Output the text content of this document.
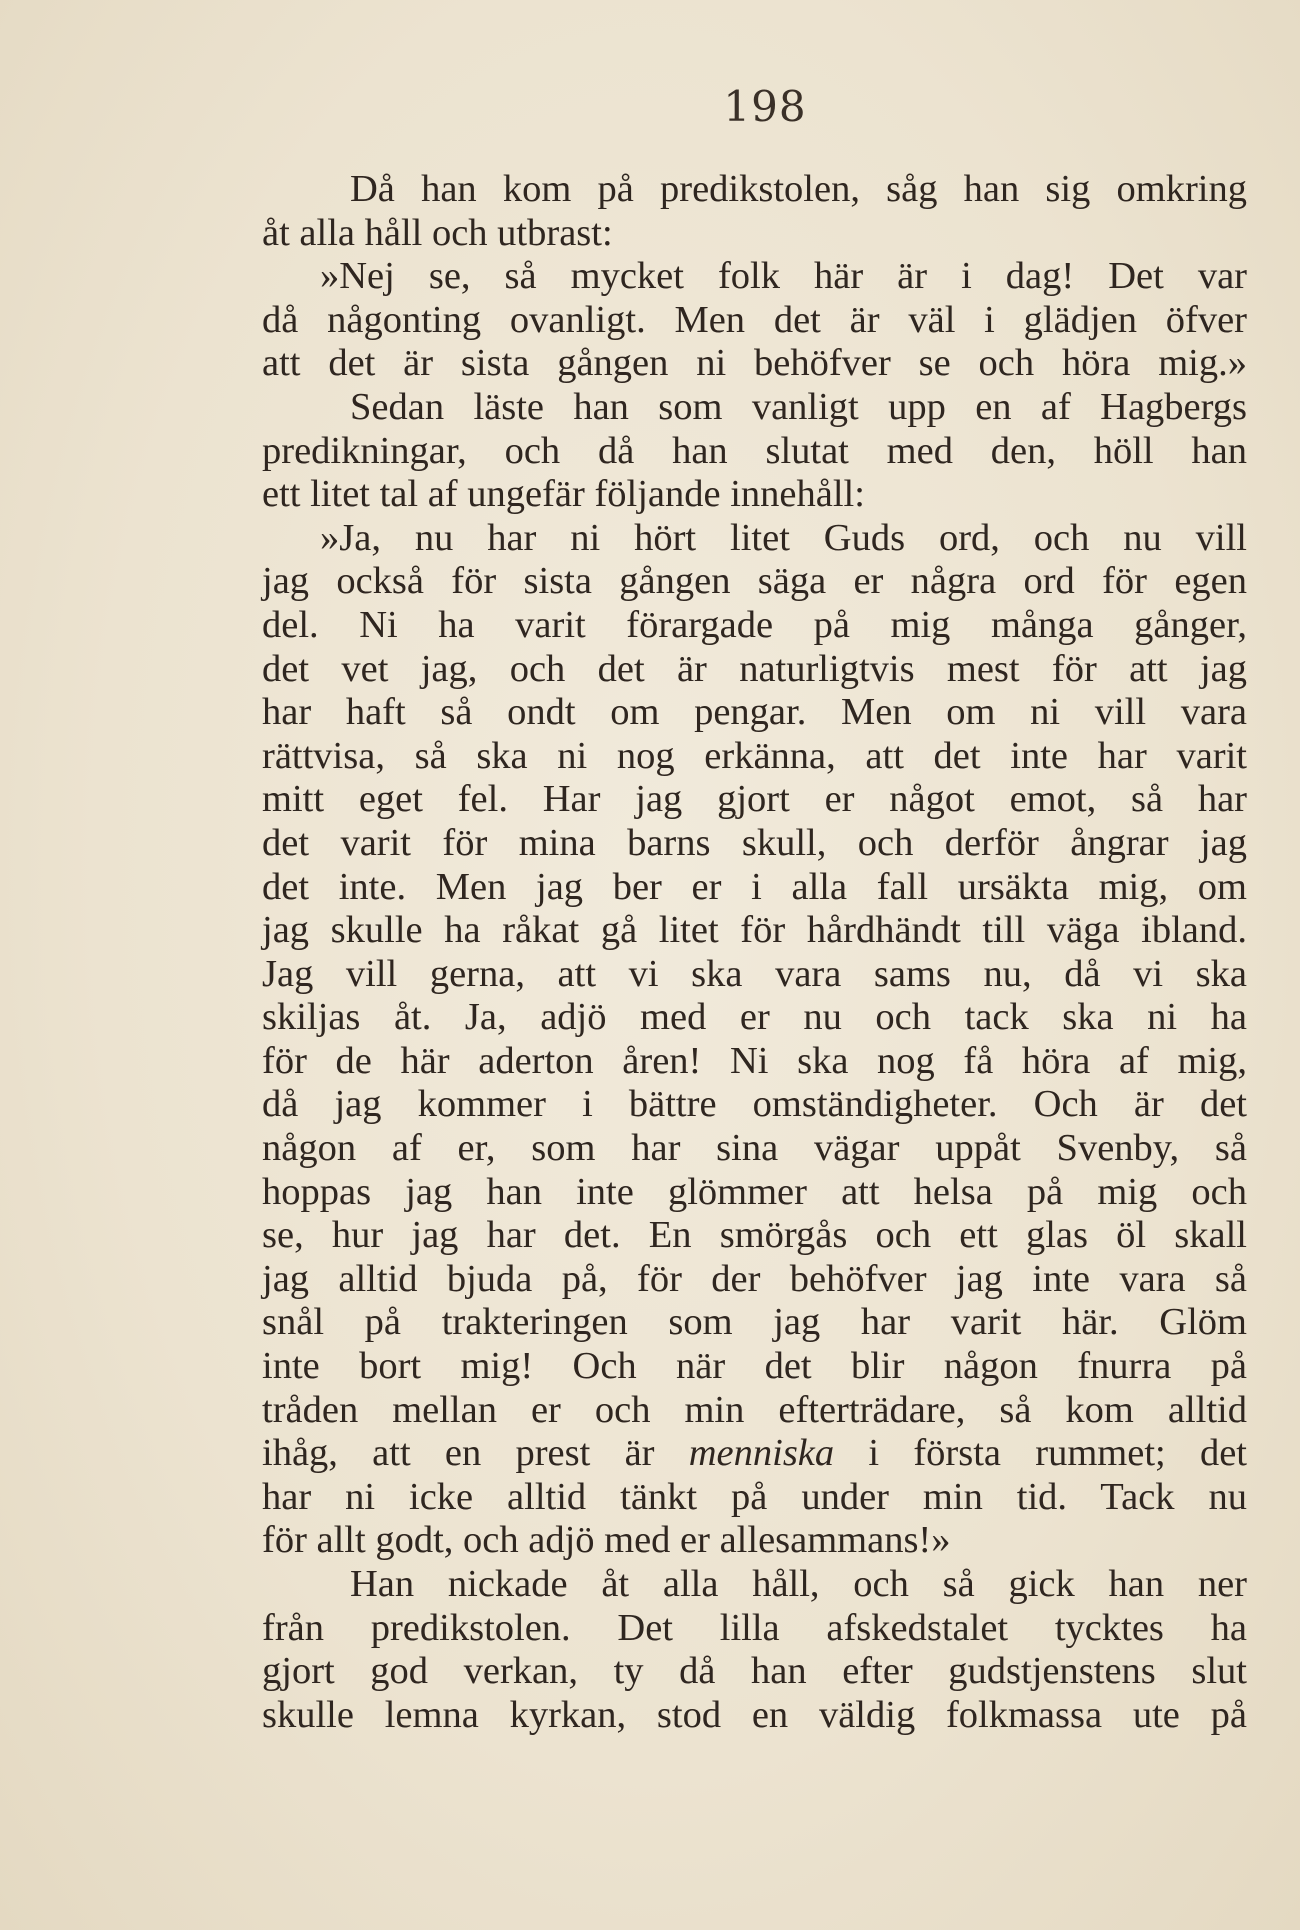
198
Då han kom på predikstolen, såg han sig omkring
åt alla håll och utbrast:
»Nej se, så mycket folk här är i dag! Det var
då någonting ovanligt. Men det är väl i glädjen öfver
att det är sista gången ni behöfver se och höra mig.»
Sedan läste han som vanligt upp en af Hagbergs
predikningar, och då han slutat med den, höll han
ett litet tal af ungefär följande innehåll:
»Ja, nu har ni hört litet Guds ord, och nu vill
jag också för sista gången säga er några ord för egen
del. Ni ha varit förargade på mig många gånger,
det vet jag, och det är naturligtvis mest för att jag
har haft så ondt om pengar. Men om ni vill vara
rättvisa, så ska ni nog erkänna, att det inte har varit
mitt eget fel. Har jag gjort er något emot, så har
det varit för mina barns skull, och derför ångrar jag
det inte. Men jag ber er i alla fall ursäkta mig, om
jag skulle ha råkat gå litet för hårdhändt till väga ibland.
Jag vill gerna, att vi ska vara sams nu, då vi ska
skiljas åt. Ja, adjö med er nu och tack ska ni ha
för de här aderton åren! Ni ska nog få höra af mig,
då jag kommer i bättre omständigheter. Och är det
någon af er, som har sina vägar uppåt Svenby, så
hoppas jag han inte glömmer att helsa på mig och
se, hur jag har det. En smörgås och ett glas öl skall
jag alltid bjuda på, för der behöfver jag inte vara så
snål på trakteringen som jag har varit här. Glöm
inte bort mig! Och när det blir någon fnurra på
tråden mellan er och min efterträdare, så kom alltid
ihåg, att en prest är menniska i första rummet; det
har ni icke alltid tänkt på under min tid. Tack nu
för allt godt, och adjö med er allesammans!»
Han nickade åt alla håll, och så gick han ner
från predikstolen. Det lilla afskedstalet tycktes ha
gjort god verkan, ty då han efter gudstjenstens slut
skulle lemna kyrkan, stod en väldig folkmassa ute på
